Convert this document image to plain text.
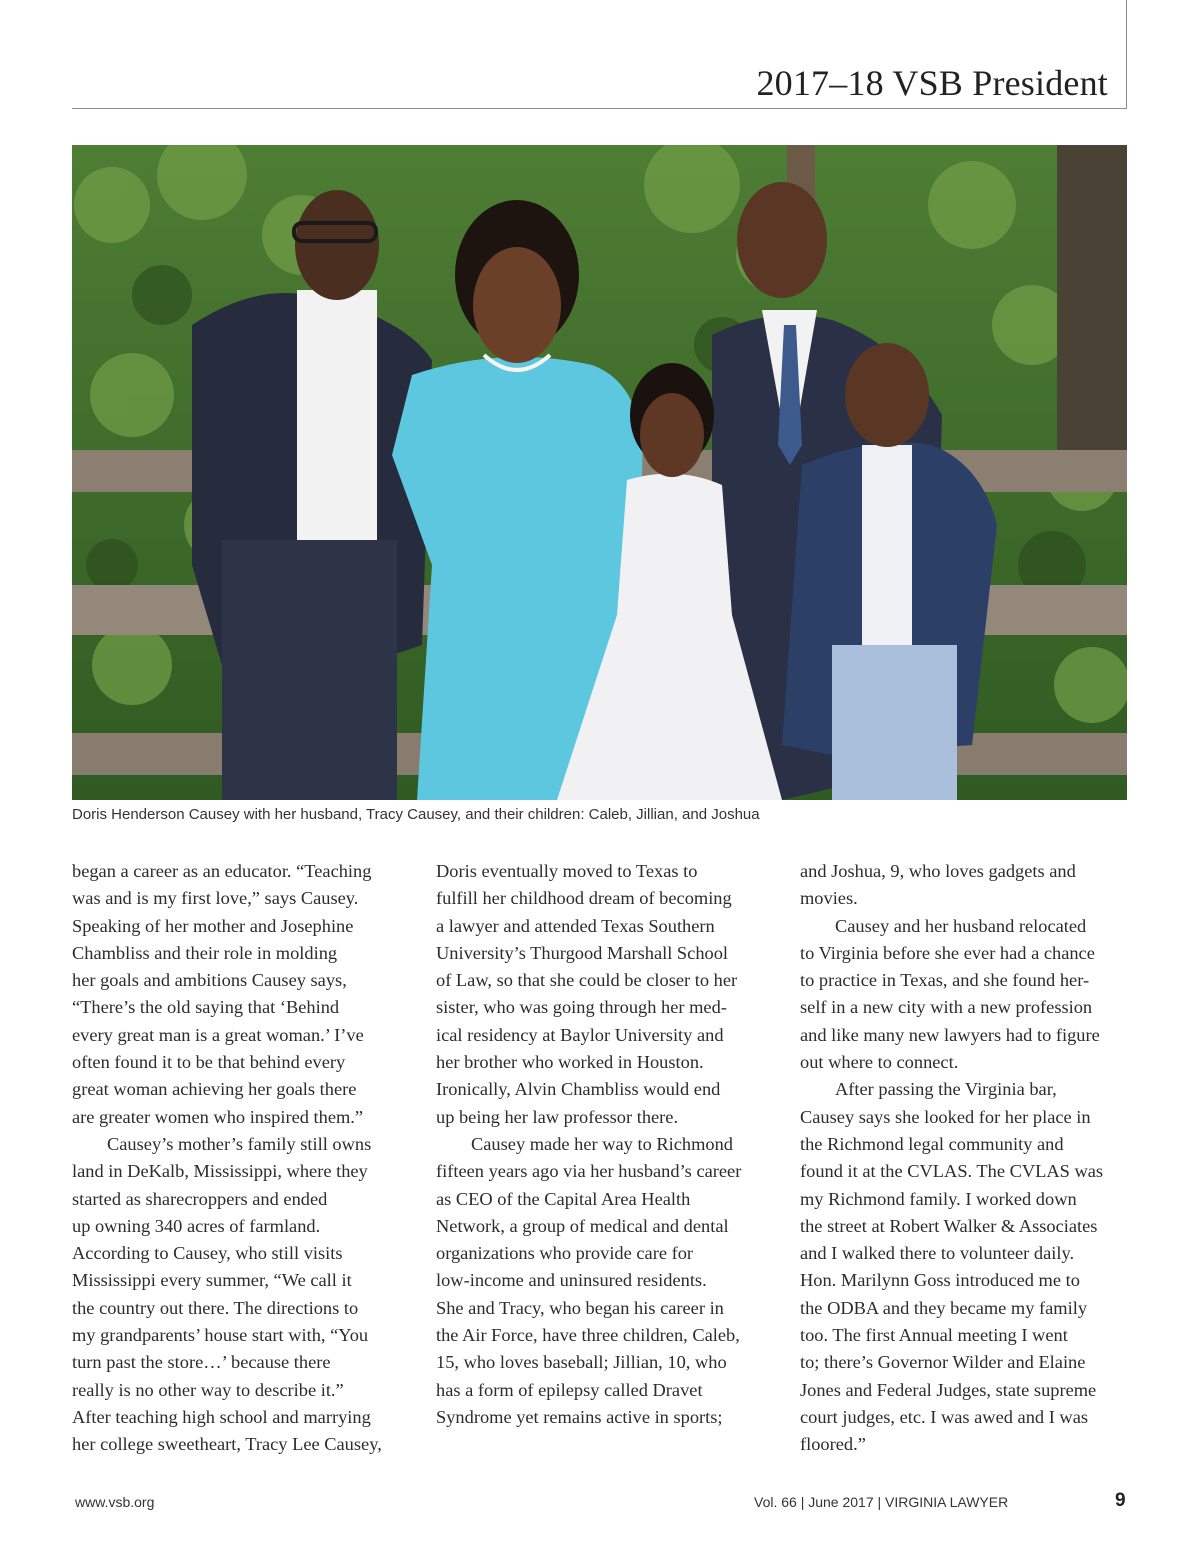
2017–18 VSB President
Doris Henderson Causey with her husband, Tracy Causey, and their children: Caleb, Jillian, and Joshua
began a career as an educator. “Teaching
was and is my first love,” says Causey.
Speaking of her mother and Josephine
Chambliss and their role in molding
her goals and ambitions Causey says,
“There’s the old saying that ‘Behind
every great man is a great woman.’ I’ve
often found it to be that behind every
great woman achieving her goals there
are greater women who inspired them.”
Causey’s mother’s family still owns
land in DeKalb, Mississippi, where they
started as sharecroppers and ended
up owning 340 acres of farmland.
According to Causey, who still visits
Mississippi every summer, “We call it
the country out there. The directions to
my grandparents’ house start with, “You
turn past the store…’ because there
really is no other way to describe it.”
After teaching high school and marrying
her college sweetheart, Tracy Lee Causey,
Doris eventually moved to Texas to
fulfill her childhood dream of becoming
a lawyer and attended Texas Southern
University’s Thurgood Marshall School
of Law, so that she could be closer to her
sister, who was going through her med-
ical residency at Baylor University and
her brother who worked in Houston.
Ironically, Alvin Chambliss would end
up being her law professor there.
Causey made her way to Richmond
fifteen years ago via her husband’s career
as CEO of the Capital Area Health
Network, a group of medical and dental
organizations who provide care for
low-income and uninsured residents.
She and Tracy, who began his career in
the Air Force, have three children, Caleb,
15, who loves baseball; Jillian, 10, who
has a form of epilepsy called Dravet
Syndrome yet remains active in sports;
and Joshua, 9, who loves gadgets and
movies.
Causey and her husband relocated
to Virginia before she ever had a chance
to practice in Texas, and she found her-
self in a new city with a new profession
and like many new lawyers had to figure
out where to connect.
After passing the Virginia bar,
Causey says she looked for her place in
the Richmond legal community and
found it at the CVLAS. The CVLAS was
my Richmond family. I worked down
the street at Robert Walker & Associates
and I walked there to volunteer daily.
Hon. Marilynn Goss introduced me to
the ODBA and they became my family
too. The first Annual meeting I went
to; there’s Governor Wilder and Elaine
Jones and Federal Judges, state supreme
court judges, etc. I was awed and I was
floored.”
www.vsb.org	Vol. 66 | June 2017 | VIRGINIA LAWYER	9
